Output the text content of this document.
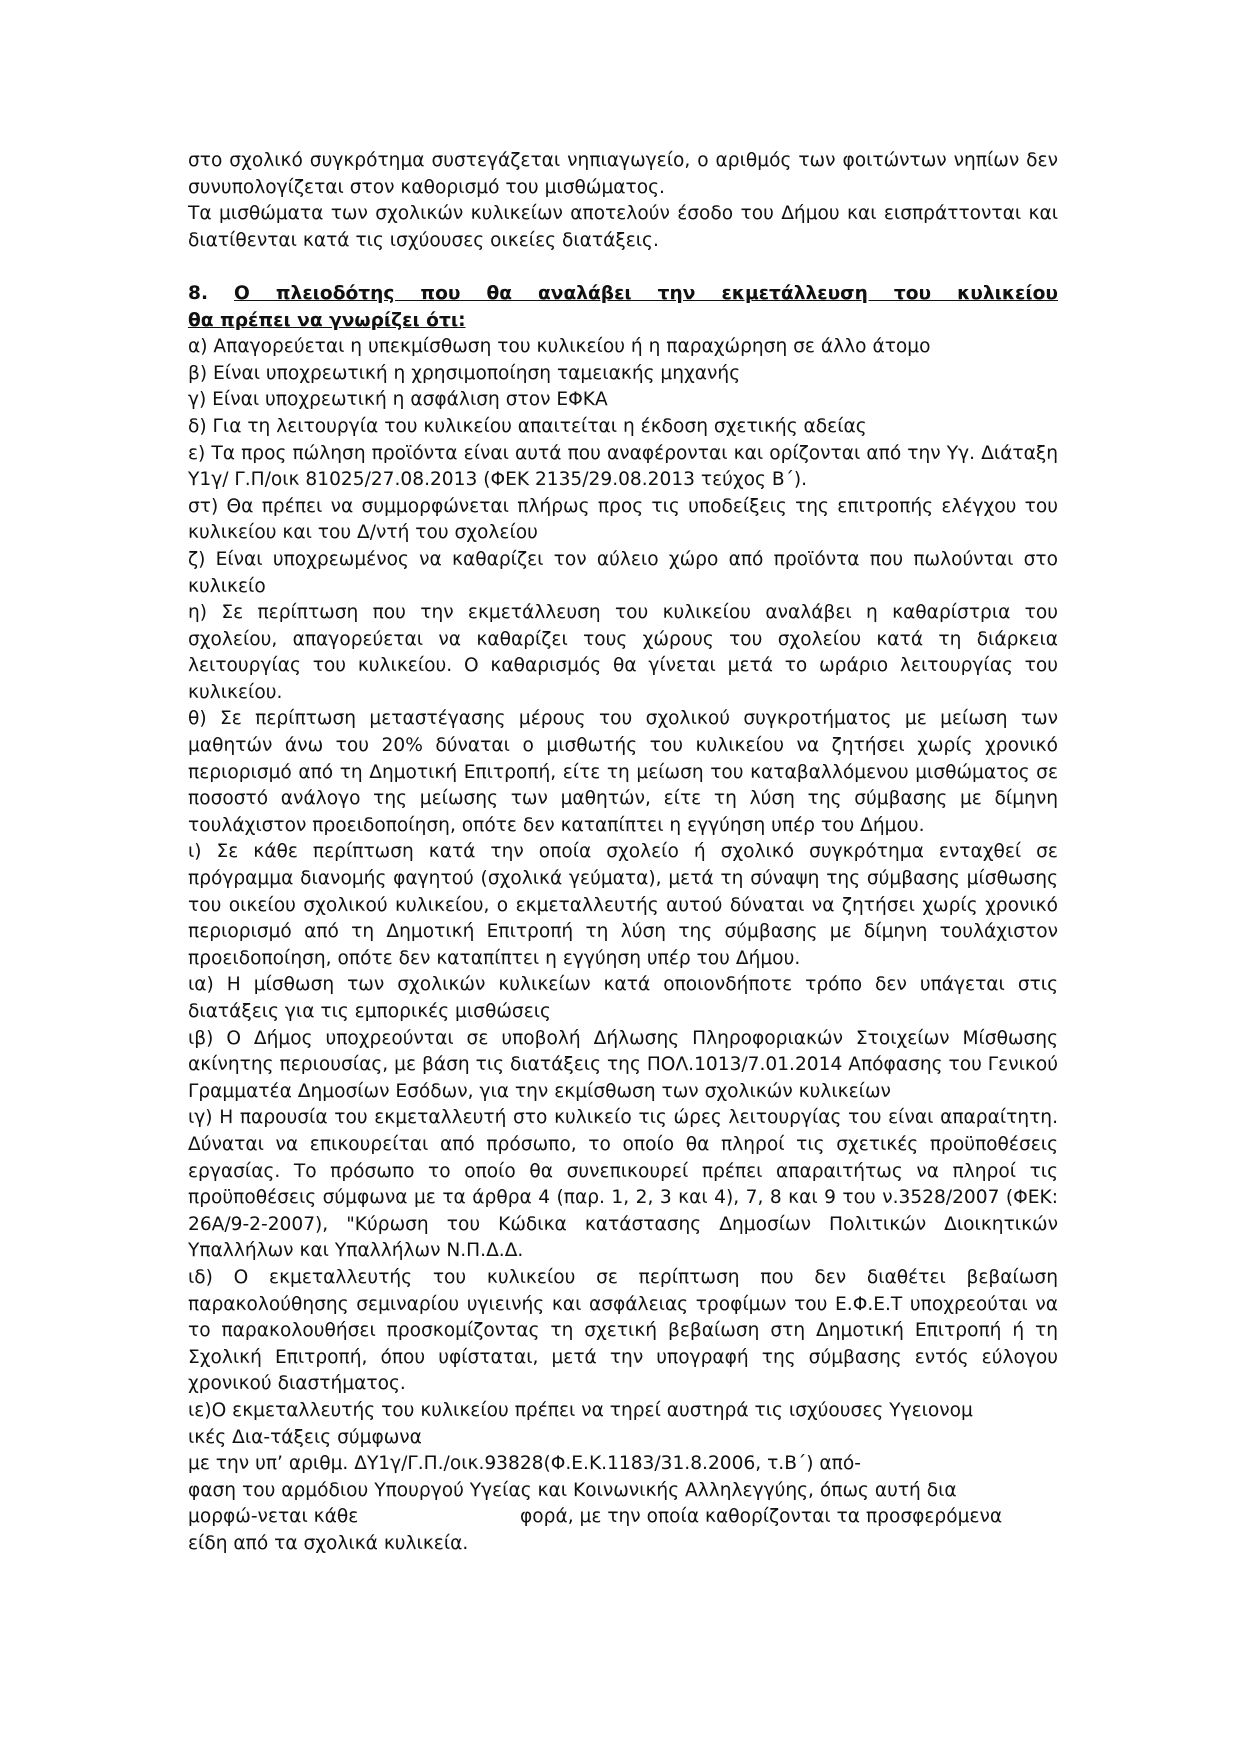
στο σχολικό συγκρότημα συστεγάζεται νηπιαγωγείο, ο αριθμός των φοιτώντων νηπίων δεν συνυπολογίζεται στον καθορισμό του μισθώματος.

Τα μισθώματα των σχολικών κυλικείων αποτελούν έσοδο του Δήμου και εισπράττονται και διατίθενται κατά τις ισχύουσες οικείες διατάξεις.

8. Ο πλειοδότης που θα αναλάβει την εκμετάλλευση του κυλικείου
θα πρέπει να γνωρίζει ότι:

α) Απαγορεύεται η υπεκμίσθωση του κυλικείου ή η παραχώρηση σε άλλο άτομο

β) Είναι υποχρεωτική η χρησιμοποίηση ταμειακής μηχανής

γ) Είναι υποχρεωτική η ασφάλιση στον ΕΦΚΑ

δ) Για τη λειτουργία του κυλικείου απαιτείται η έκδοση σχετικής αδείας

ε) Τα προς πώληση προϊόντα είναι αυτά που αναφέρονται και ορίζονται από την Υγ. Διάταξη Υ1γ/ Γ.Π/οικ 81025/27.08.2013 (ΦΕΚ 2135/29.08.2013 τεύχος Β΄).

στ) Θα πρέπει να συμμορφώνεται πλήρως προς τις υποδείξεις της επιτροπής ελέγχου του κυλικείου και του Δ/ντή του σχολείου

ζ) Είναι υποχρεωμένος να καθαρίζει τον αύλειο χώρο από προϊόντα που πωλούνται στο κυλικείο

η) Σε περίπτωση που την εκμετάλλευση του κυλικείου αναλάβει η καθαρίστρια του σχολείου, απαγορεύεται να καθαρίζει τους χώρους του σχολείου κατά τη διάρκεια λειτουργίας του κυλικείου. Ο καθαρισμός θα γίνεται μετά το ωράριο λειτουργίας του κυλικείου.

θ) Σε περίπτωση μεταστέγασης μέρους του σχολικού συγκροτήματος με μείωση των μαθητών άνω του 20% δύναται ο μισθωτής του κυλικείου να ζητήσει χωρίς χρονικό περιορισμό από τη Δημοτική Επιτροπή, είτε τη μείωση του καταβαλλόμενου μισθώματος σε ποσοστό ανάλογο της μείωσης των μαθητών, είτε τη λύση της σύμβασης με δίμηνη τουλάχιστον προειδοποίηση, οπότε δεν καταπίπτει η εγγύηση υπέρ του Δήμου.

ι) Σε κάθε περίπτωση κατά την οποία σχολείο ή σχολικό συγκρότημα ενταχθεί σε πρόγραμμα διανομής φαγητού (σχολικά γεύματα), μετά τη σύναψη της σύμβασης μίσθωσης του οικείου σχολικού κυλικείου, ο εκμεταλλευτής αυτού δύναται να ζητήσει χωρίς χρονικό περιορισμό από τη Δημοτική Επιτροπή τη λύση της σύμβασης με δίμηνη τουλάχιστον προειδοποίηση, οπότε δεν καταπίπτει η εγγύηση υπέρ του Δήμου.

ια) Η μίσθωση των σχολικών κυλικείων κατά οποιονδήποτε τρόπο δεν υπάγεται στις διατάξεις για τις εμπορικές μισθώσεις

ιβ) Ο Δήμος υποχρεούνται σε υποβολή Δήλωσης Πληροφοριακών Στοιχείων Μίσθωσης ακίνητης περιουσίας, με βάση τις διατάξεις της ΠΟΛ.1013/7.01.2014 Απόφασης του Γενικού Γραμματέα Δημοσίων Εσόδων, για την εκμίσθωση των σχολικών κυλικείων

ιγ) Η παρουσία του εκμεταλλευτή στο κυλικείο τις ώρες λειτουργίας του είναι απαραίτητη. Δύναται να επικουρείται από πρόσωπο, το οποίο θα πληροί τις σχετικές προϋποθέσεις εργασίας. Το πρόσωπο το οποίο θα συνεπικουρεί πρέπει απαραιτήτως να πληροί τις προϋποθέσεις σύμφωνα με τα άρθρα 4 (παρ. 1, 2, 3 και 4), 7, 8 και 9 του ν.3528/2007 (ΦΕΚ: 26Α/9-2-2007), "Κύρωση του Κώδικα κατάστασης Δημοσίων Πολιτικών Διοικητικών Υπαλλήλων και Υπαλλήλων Ν.Π.Δ.Δ.

ιδ) Ο εκμεταλλευτής του κυλικείου σε περίπτωση που δεν διαθέτει βεβαίωση παρακολούθησης σεμιναρίου υγιεινής και ασφάλειας τροφίμων του Ε.Φ.Ε.Τ υποχρεούται να το παρακολουθήσει προσκομίζοντας τη σχετική βεβαίωση στη Δημοτική Επιτροπή ή τη Σχολική Επιτροπή, όπου υφίσταται, μετά την υπογραφή της σύμβασης εντός εύλογου χρονικού διαστήματος.

ιε)Ο εκμεταλλευτής του κυλικείου πρέπει να τηρεί αυστηρά τις ισχύουσες Υγειονομ
ικές Δια-τάξεις σύμφωνα
με την υπ’ αριθμ. ΔΥ1γ/Γ.Π./οικ.93828(Φ.Ε.Κ.1183/31.8.2006, τ.Β΄) από-
φαση του αρμόδιου Υπουργού Υγείας και Κοινωνικής Αλληλεγγύης, όπως αυτή δια
μορφώ-νεται κάθε	φορά, με την οποία καθορίζονται τα προσφερόμενα
είδη από τα σχολικά κυλικεία.
